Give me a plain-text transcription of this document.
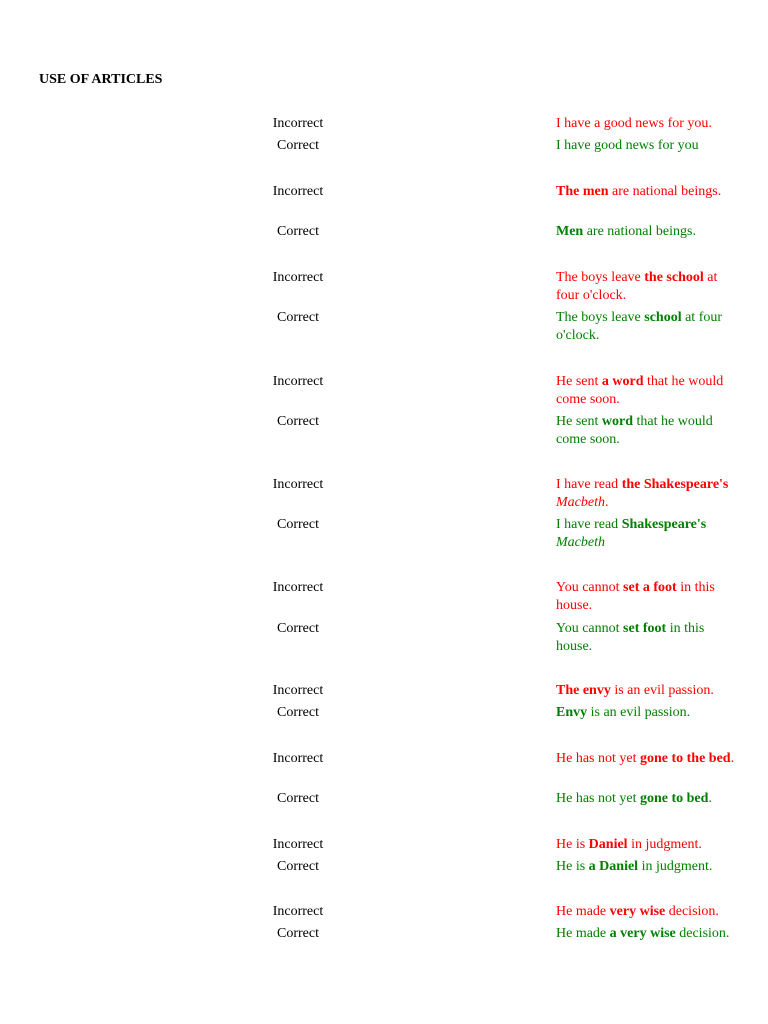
USE OF ARTICLES
Incorrect	I have a good news for you.
Correct	I have good news for you
Incorrect	The men are national beings.
Correct	Men are national beings.
Incorrect	The boys leave the school at four o'clock.
Correct	The boys leave school at four o'clock.
Incorrect	He sent a word that he would come soon.
Correct	He sent word that he would come soon.
Incorrect	I have read the Shakespeare's Macbeth.
Correct	I have read Shakespeare's Macbeth
Incorrect	You cannot set a foot in this house.
Correct	You cannot set foot in this house.
Incorrect	The envy is an evil passion.
Correct	Envy is an evil passion.
Incorrect	He has not yet gone to the bed.
Correct	He has not yet gone to bed.
Incorrect	He is Daniel in judgment.
Correct	He is a Daniel in judgment.
Incorrect	He made very wise decision.
Correct	He made a very wise decision.
